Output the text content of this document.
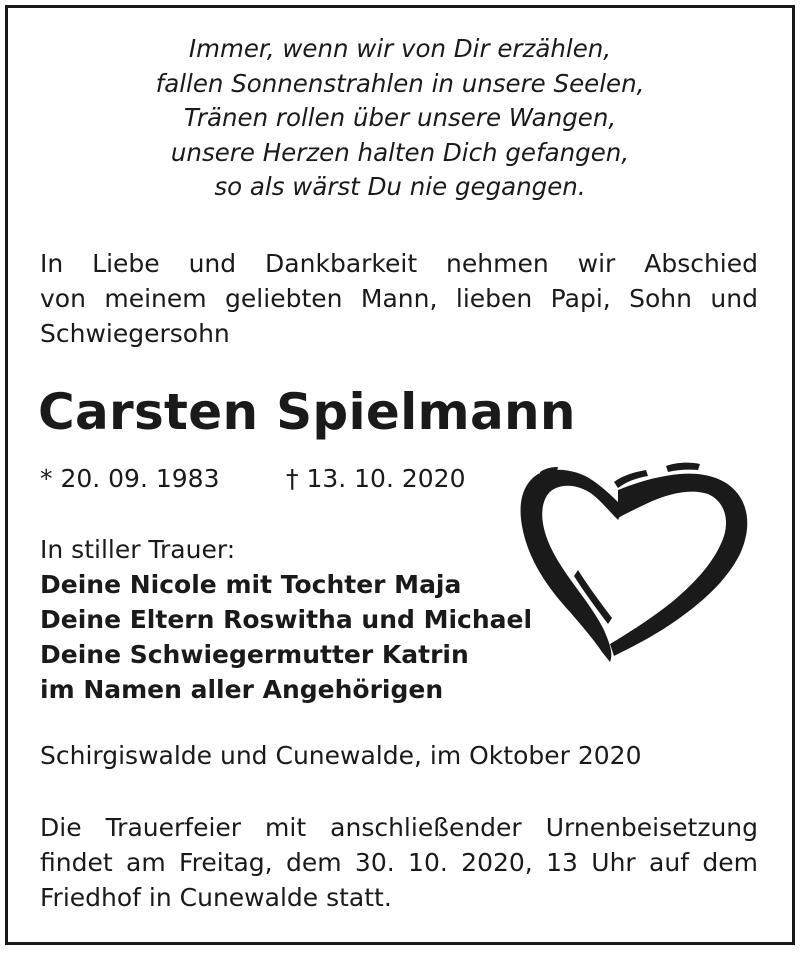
Immer, wenn wir von Dir erzählen,
fallen Sonnenstrahlen in unsere Seelen,
Tränen rollen über unsere Wangen,
unsere Herzen halten Dich gefangen,
so als wärst Du nie gegangen.
In Liebe und Dankbarkeit nehmen wir Abschied
von meinem geliebten Mann, lieben Papi, Sohn und
Schwiegersohn
Carsten Spielmann
* 20. 09. 1983	† 13. 10. 2020
In stiller Trauer:
Deine Nicole mit Tochter Maja
Deine Eltern Roswitha und Michael
Deine Schwiegermutter Katrin
im Namen aller Angehörigen
Schirgiswalde und Cunewalde, im Oktober 2020
Die Trauerfeier mit anschließender Urnenbeisetzung
findet am Freitag, dem 30. 10. 2020, 13 Uhr auf dem
Friedhof in Cunewalde statt.
